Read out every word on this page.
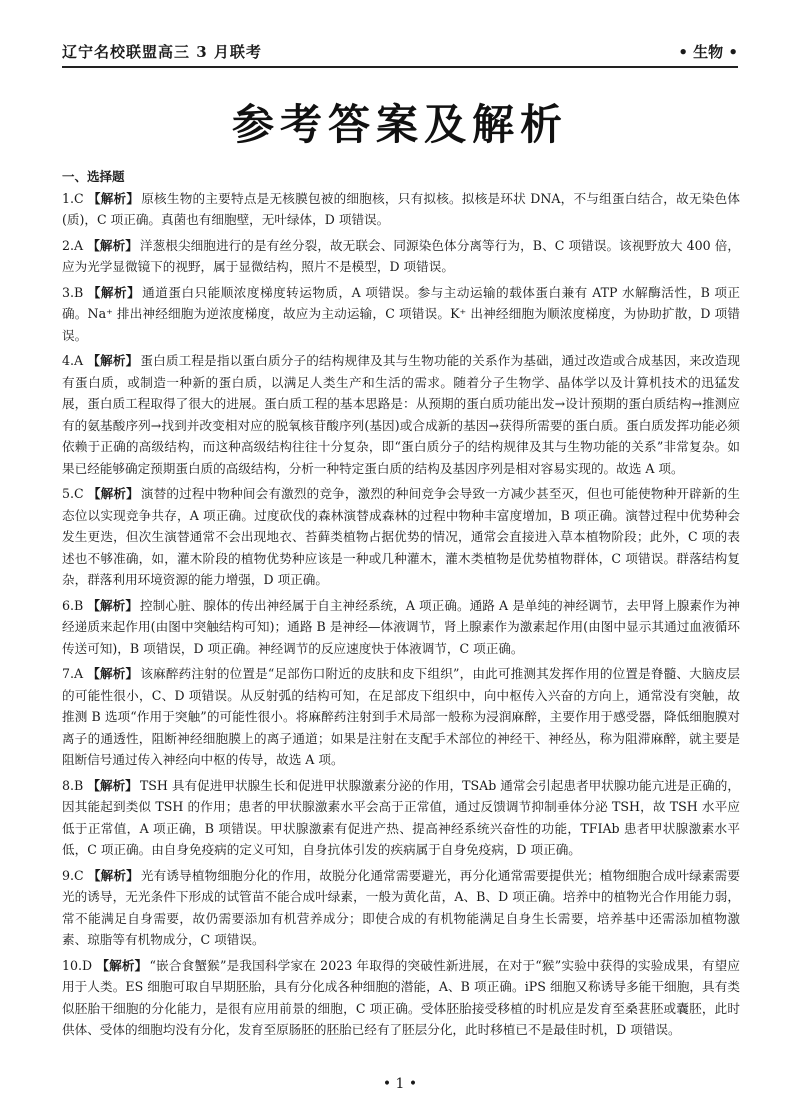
辽宁名校联盟高三 3 月联考	• 生物 •
参考答案及解析
一、选择题
1.C 【解析】 原核生物的主要特点是无核膜包被的细胞核，只有拟核。拟核是环状 DNA，不与组蛋白结合，故无染色体(质)，C 项正确。真菌也有细胞壁，无叶绿体，D 项错误。
2.A 【解析】 洋葱根尖细胞进行的是有丝分裂，故无联会、同源染色体分离等行为，B、C 项错误。该视野放大 400 倍，应为光学显微镜下的视野，属于显微结构，照片不是模型，D 项错误。
3.B 【解析】 通道蛋白只能顺浓度梯度转运物质，A 项错误。参与主动运输的载体蛋白兼有 ATP 水解酶活性，B 项正确。Na⁺ 排出神经细胞为逆浓度梯度，故应为主动运输，C 项错误。K⁺ 出神经细胞为顺浓度梯度，为协助扩散，D 项错误。
4.A 【解析】 蛋白质工程是指以蛋白质分子的结构规律及其与生物功能的关系作为基础，通过改造或合成基因，来改造现有蛋白质，或制造一种新的蛋白质，以满足人类生产和生活的需求。随着分子生物学、晶体学以及计算机技术的迅猛发展，蛋白质工程取得了很大的进展。蛋白质工程的基本思路是：从预期的蛋白质功能出发→设计预期的蛋白质结构→推测应有的氨基酸序列→找到并改变相对应的脱氧核苷酸序列(基因)或合成新的基因→获得所需要的蛋白质。蛋白质发挥功能必须依赖于正确的高级结构，而这种高级结构往往十分复杂，即“蛋白质分子的结构规律及其与生物功能的关系”非常复杂。如果已经能够确定预期蛋白质的高级结构，分析一种特定蛋白质的结构及基因序列是相对容易实现的。故选 A 项。
5.C 【解析】 演替的过程中物种间会有激烈的竞争，激烈的种间竞争会导致一方减少甚至灭，但也可能使物种开辟新的生态位以实现竞争共存，A 项正确。过度砍伐的森林演替成森林的过程中物种丰富度增加，B 项正确。演替过程中优势种会发生更迭，但次生演替通常不会出现地衣、苔藓类植物占据优势的情况，通常会直接进入草本植物阶段；此外，C 项的表述也不够准确，如，灌木阶段的植物优势种应该是一种或几种灌木，灌木类植物是优势植物群体，C 项错误。群落结构复杂，群落利用环境资源的能力增强，D 项正确。
6.B 【解析】 控制心脏、腺体的传出神经属于自主神经系统，A 项正确。通路 A 是单纯的神经调节，去甲肾上腺素作为神经递质来起作用(由图中突触结构可知)；通路 B 是神经—体液调节，肾上腺素作为激素起作用(由图中显示其通过血液循环传送可知)，B 项错误，D 项正确。神经调节的反应速度快于体液调节，C 项正确。
7.A 【解析】 该麻醉药注射的位置是“足部伤口附近的皮肤和皮下组织”，由此可推测其发挥作用的位置是脊髓、大脑皮层的可能性很小，C、D 项错误。从反射弧的结构可知，在足部皮下组织中，向中枢传入兴奋的方向上，通常没有突触，故推测 B 选项“作用于突触”的可能性很小。将麻醉药注射到手术局部一般称为浸润麻醉，主要作用于感受器，降低细胞膜对离子的通透性，阻断神经细胞膜上的离子通道；如果是注射在支配手术部位的神经干、神经丛，称为阻滞麻醉，就主要是阻断信号通过传入神经向中枢的传导，故选 A 项。
8.B 【解析】 TSH 具有促进甲状腺生长和促进甲状腺激素分泌的作用，TSAb 通常会引起患者甲状腺功能亢进是正确的，因其能起到类似 TSH 的作用；患者的甲状腺激素水平会高于正常值，通过反馈调节抑制垂体分泌 TSH，故 TSH 水平应低于正常值，A 项正确，B 项错误。甲状腺激素有促进产热、提高神经系统兴奋性的功能，TFIAb 患者甲状腺激素水平低，C 项正确。由自身免疫病的定义可知，自身抗体引发的疾病属于自身免疫病，D 项正确。
9.C 【解析】 光有诱导植物细胞分化的作用，故脱分化通常需要避光，再分化通常需要提供光；植物细胞合成叶绿素需要光的诱导，无光条件下形成的试管苗不能合成叶绿素，一般为黄化苗，A、B、D 项正确。培养中的植物光合作用能力弱，常不能满足自身需要，故仍需要添加有机营养成分；即使合成的有机物能满足自身生长需要，培养基中还需添加植物激素、琼脂等有机物成分，C 项错误。
10.D 【解析】 “嵌合食蟹猴”是我国科学家在 2023 年取得的突破性新进展，在对于“猴”实验中获得的实验成果，有望应用于人类。ES 细胞可取自早期胚胎，具有分化成各种细胞的潜能，A、B 项正确。iPS 细胞又称诱导多能干细胞，具有类似胚胎干细胞的分化能力，是很有应用前景的细胞，C 项正确。受体胚胎接受移植的时机应是发育至桑葚胚或囊胚，此时供体、受体的细胞均没有分化，发育至原肠胚的胚胎已经有了胚层分化，此时移植已不是最佳时机，D 项错误。
• 1 •
